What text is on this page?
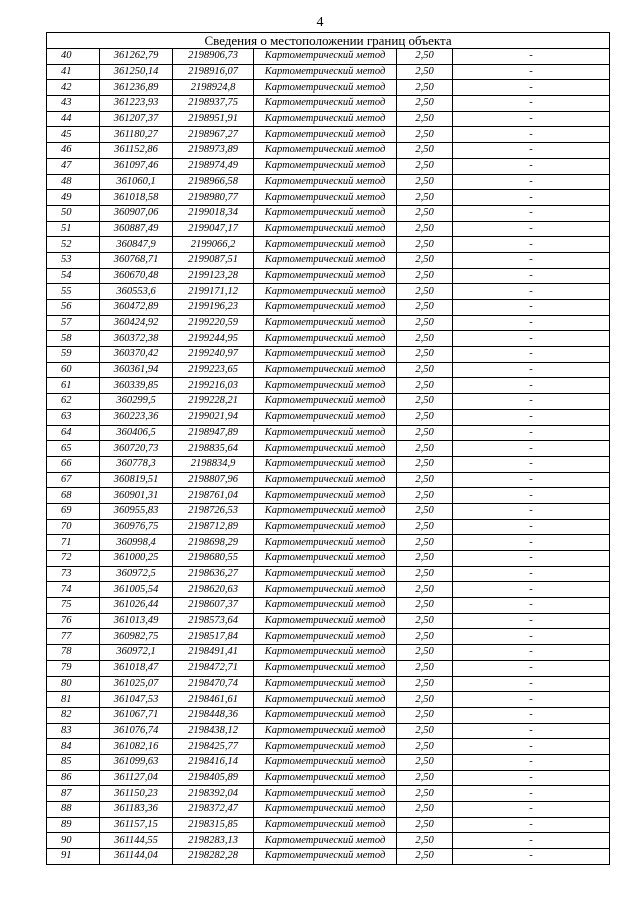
4
Сведения о местоположении границ объекта					
40	361262,79	2198906,73	Картометрический метод	2,50	-
41	361250,14	2198916,07	Картометрический метод	2,50	-
42	361236,89	2198924,8	Картометрический метод	2,50	-
43	361223,93	2198937,75	Картометрический метод	2,50	-
44	361207,37	2198951,91	Картометрический метод	2,50	-
45	361180,27	2198967,27	Картометрический метод	2,50	-
46	361152,86	2198973,89	Картометрический метод	2,50	-
47	361097,46	2198974,49	Картометрический метод	2,50	-
48	361060,1	2198966,58	Картометрический метод	2,50	-
49	361018,58	2198980,77	Картометрический метод	2,50	-
50	360907,06	2199018,34	Картометрический метод	2,50	-
51	360887,49	2199047,17	Картометрический метод	2,50	-
52	360847,9	2199066,2	Картометрический метод	2,50	-
53	360768,71	2199087,51	Картометрический метод	2,50	-
54	360670,48	2199123,28	Картометрический метод	2,50	-
55	360553,6	2199171,12	Картометрический метод	2,50	-
56	360472,89	2199196,23	Картометрический метод	2,50	-
57	360424,92	2199220,59	Картометрический метод	2,50	-
58	360372,38	2199244,95	Картометрический метод	2,50	-
59	360370,42	2199240,97	Картометрический метод	2,50	-
60	360361,94	2199223,65	Картометрический метод	2,50	-
61	360339,85	2199216,03	Картометрический метод	2,50	-
62	360299,5	2199228,21	Картометрический метод	2,50	-
63	360223,36	2199021,94	Картометрический метод	2,50	-
64	360406,5	2198947,89	Картометрический метод	2,50	-
65	360720,73	2198835,64	Картометрический метод	2,50	-
66	360778,3	2198834,9	Картометрический метод	2,50	-
67	360819,51	2198807,96	Картометрический метод	2,50	-
68	360901,31	2198761,04	Картометрический метод	2,50	-
69	360955,83	2198726,53	Картометрический метод	2,50	-
70	360976,75	2198712,89	Картометрический метод	2,50	-
71	360998,4	2198698,29	Картометрический метод	2,50	-
72	361000,25	2198680,55	Картометрический метод	2,50	-
73	360972,5	2198636,27	Картометрический метод	2,50	-
74	361005,54	2198620,63	Картометрический метод	2,50	-
75	361026,44	2198607,37	Картометрический метод	2,50	-
76	361013,49	2198573,64	Картометрический метод	2,50	-
77	360982,75	2198517,84	Картометрический метод	2,50	-
78	360972,1	2198491,41	Картометрический метод	2,50	-
79	361018,47	2198472,71	Картометрический метод	2,50	-
80	361025,07	2198470,74	Картометрический метод	2,50	-
81	361047,53	2198461,61	Картометрический метод	2,50	-
82	361067,71	2198448,36	Картометрический метод	2,50	-
83	361076,74	2198438,12	Картометрический метод	2,50	-
84	361082,16	2198425,77	Картометрический метод	2,50	-
85	361099,63	2198416,14	Картометрический метод	2,50	-
86	361127,04	2198405,89	Картометрический метод	2,50	-
87	361150,23	2198392,04	Картометрический метод	2,50	-
88	361183,36	2198372,47	Картометрический метод	2,50	-
89	361157,15	2198315,85	Картометрический метод	2,50	-
90	361144,55	2198283,13	Картометрический метод	2,50	-
91	361144,04	2198282,28	Картометрический метод	2,50	-
